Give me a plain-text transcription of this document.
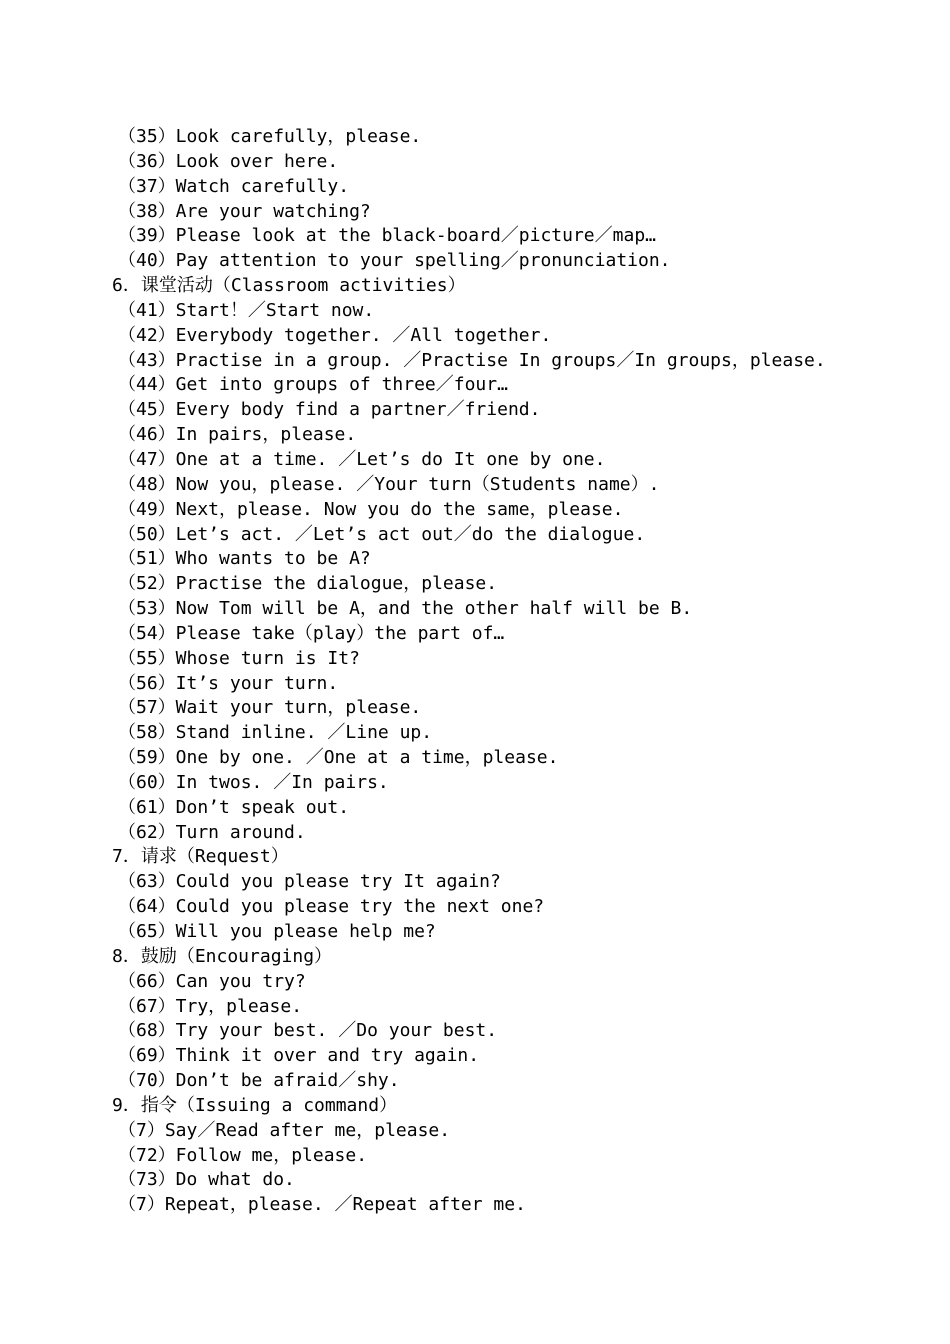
（35）Look carefully，please.
（36）Look over here.
（37）Watch carefully.
（38）Are your watching?
（39）Please look at the black-board／picture／map…
（40）Pay attention to your spelling／pronunciation.
6．课堂活动（Classroom activities）
（41）Start！／Start now.
（42）Everybody together. ／All together.
（43）Practise in a group. ／Practise In groups／In groups，please.
（44）Get into groups of three／four…
（45）Every body find a partner／friend.
（46）In pairs，please.
（47）One at a time. ／Let’s do It one by one.
（48）Now you，please. ／Your turn（Students name）.
（49）Next，please. Now you do the same，please.
（50）Let’s act. ／Let’s act out／do the dialogue.
（51）Who wants to be A?
（52）Practise the dialogue，please.
（53）Now Tom will be A，and the other half will be B.
（54）Please take（play）the part of…
（55）Whose turn is It?
（56）It’s your turn.
（57）Wait your turn，please.
（58）Stand inline. ／Line up.
（59）One by one. ／One at a time，please.
（60）In twos. ／In pairs.
（61）Don’t speak out.
（62）Turn around.
7．请求（Request）
（63）Could you please try It again?
（64）Could you please try the next one?
（65）Will you please help me?
8．鼓励（Encouraging）
（66）Can you try?
（67）Try，please.
（68）Try your best. ／Do your best.
（69）Think it over and try again.
（70）Don’t be afraid／shy.
9．指令（Issuing a command）
（7）Say／Read after me，please.
（72）Follow me，please.
（73）Do what do.
（7）Repeat，please. ／Repeat after me.
